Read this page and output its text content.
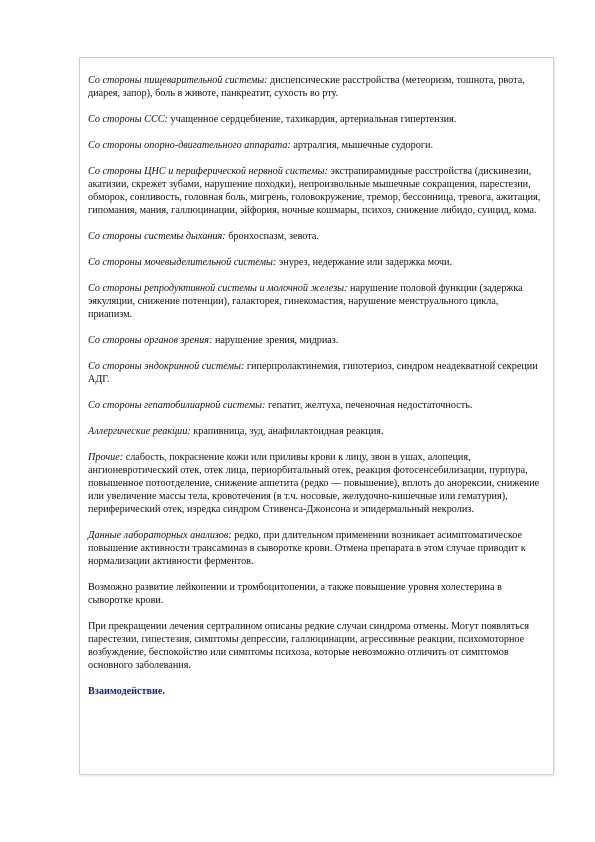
Со стороны пищеварительной системы: диспепсические расстройства (метеоризм, тошнота, рвота, диарея, запор), боль в животе, панкреатит, сухость во рту.

Со стороны ССС: учащенное сердцебиение, тахикардия, артериальная гипертензия.

Со стороны опорно-двигательного аппарата: артралгия, мышечные судороги.

Со стороны ЦНС и периферической нервной системы: экстрапирамидные расстройства (дискинезии, акатизии, скрежет зубами, нарушение походки), непроизвольные мышечные сокращения, парестезии, обморок, сонливость, головная боль, мигрень, головокружение, тремор, бессонница, тревога, ажитация, гипомания, мания, галлюцинации, эйфория, ночные кошмары, психоз, снижение либидо, суицид, кома.

Со стороны системы дыхания: бронхоспазм, зевота.

Со стороны мочевыделительной системы: энурез, недержание или задержка мочи.

Со стороны репродуктивной системы и молочной железы: нарушение половой функции (задержка эякуляции, снижение потенции), галакторея, гинекомастия, нарушение менструального цикла, приапизм.

Со стороны органов зрения: нарушение зрения, мидриаз.

Со стороны эндокринной системы: гиперпролактинемия, гипотериоз, синдром неадекватной секреции АДГ.

Со стороны гепатобилиарной системы: гепатит, желтуха, печеночная недостаточность.

Аллергические реакции: крапивница, зуд, анафилактоидная реакция.

Прочие: слабость, покраснение кожи или приливы крови к лицу, звон в ушах, алопеция, ангионевротический отек, отек лица, периорбитальный отек, реакция фотосенсебилизации, пурпура, повышенное потоотделение, снижение аппетита (редко — повышение), вплоть до анорексии, снижение или увеличение массы тела, кровотечения (в т.ч. носовые, желудочно-кишечные или гематурия), периферический отек, изредка синдром Стивенса-Джонсона и эпидермальный некролиз.

Данные лабораторных анализов: редко, при длительном применении возникает асимптоматическое повышение активности трансаминаз в сыворотке крови. Отмена препарата в этом случае приводит к нормализации активности ферментов.

Возможно развитие лейкопении и тромбоцитопении, а также повышение уровня холестерина в сыворотке крови.

При прекращении лечения сертралином описаны редкие случаи синдрома отмены. Могут появляться парестезии, гипестезия, симптомы депрессии, галлюцинации, агрессивные реакции, психомоторное возбуждение, беспокойство или симптомы психоза, которые невозможно отличить от симптомов основного заболевания.

Взаимодействие.
